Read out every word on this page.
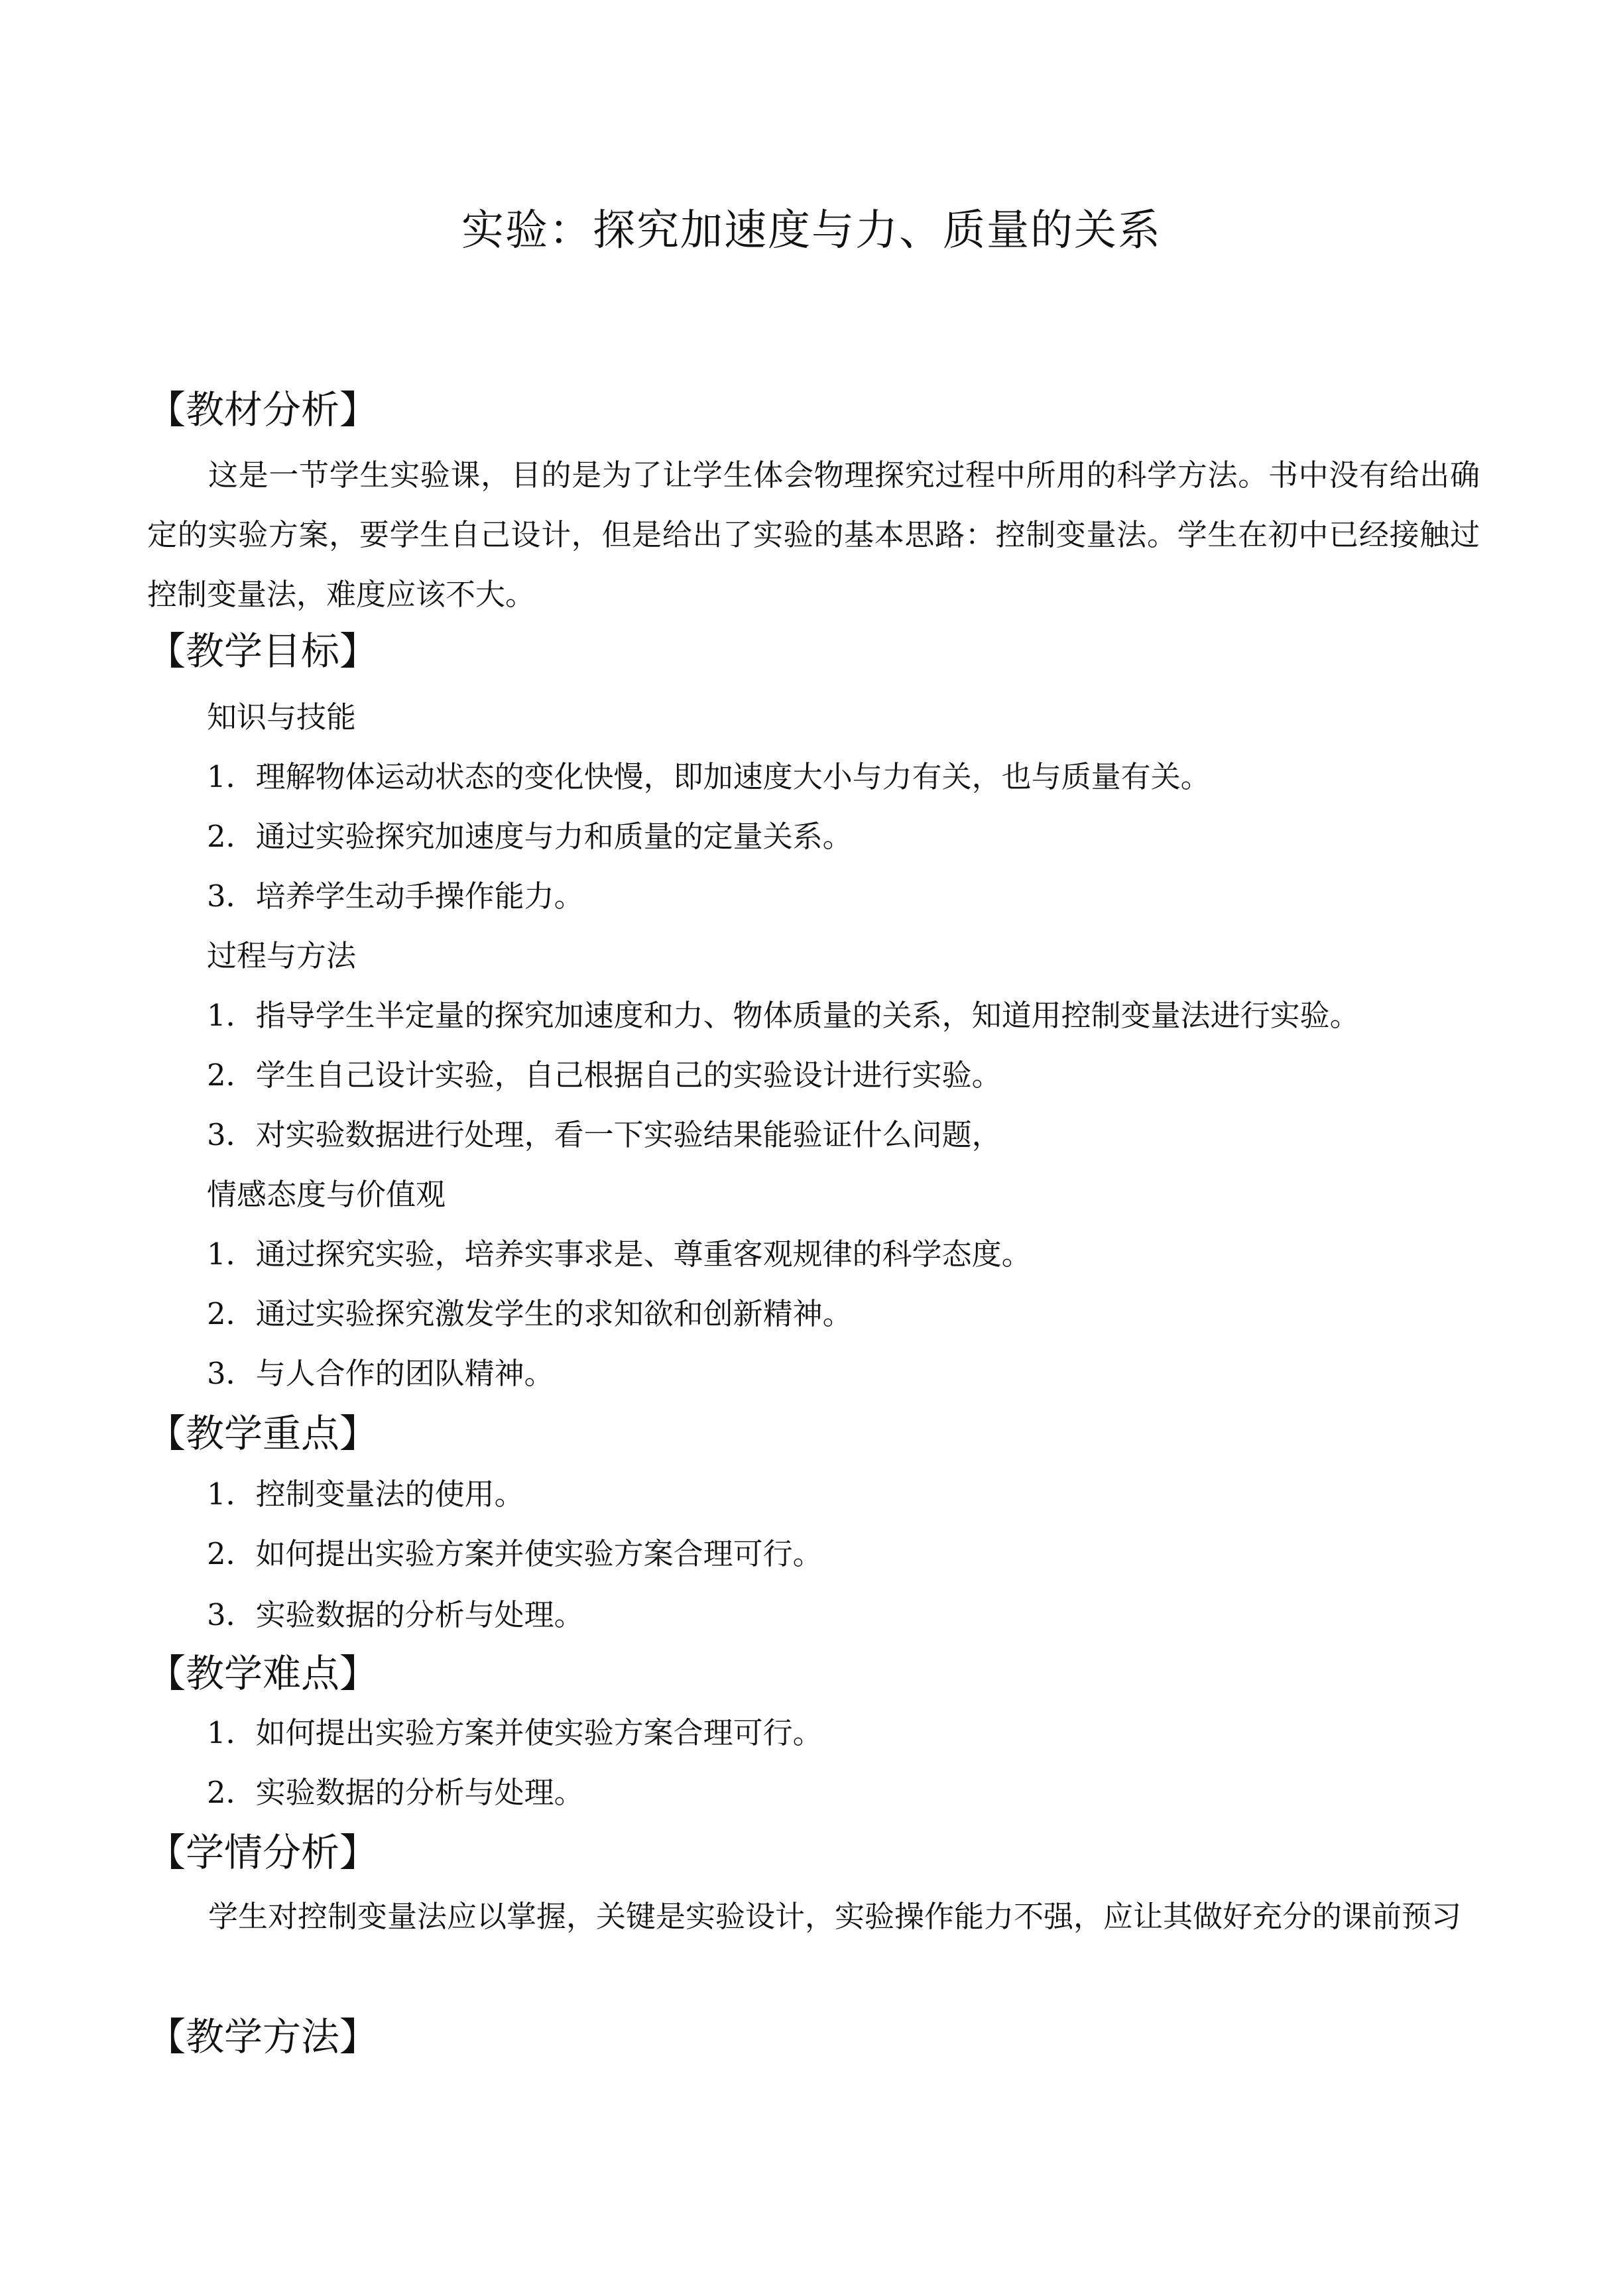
实验：探究加速度与力、质量的关系
【教材分析】
这是一节学生实验课，目的是为了让学生体会物理探究过程中所用的科学方法。书中没有给出确定的实验方案，要学生自己设计，但是给出了实验的基本思路：控制变量法。学生在初中已经接触过控制变量法，难度应该不大。
【教学目标】
知识与技能
1．理解物体运动状态的变化快慢，即加速度大小与力有关，也与质量有关。
2．通过实验探究加速度与力和质量的定量关系。
3．培养学生动手操作能力。
过程与方法
1．指导学生半定量的探究加速度和力、物体质量的关系，知道用控制变量法进行实验。
2．学生自己设计实验，自己根据自己的实验设计进行实验。
3．对实验数据进行处理，看一下实验结果能验证什么问题，
情感态度与价值观
1．通过探究实验，培养实事求是、尊重客观规律的科学态度。
2．通过实验探究激发学生的求知欲和创新精神。
3．与人合作的团队精神。
【教学重点】
1．控制变量法的使用。
2．如何提出实验方案并使实验方案合理可行。
3．实验数据的分析与处理。
【教学难点】
1．如何提出实验方案并使实验方案合理可行。
2．实验数据的分析与处理。
【学情分析】
学生对控制变量法应以掌握，关键是实验设计，实验操作能力不强，应让其做好充分的课前预习
【教学方法】
